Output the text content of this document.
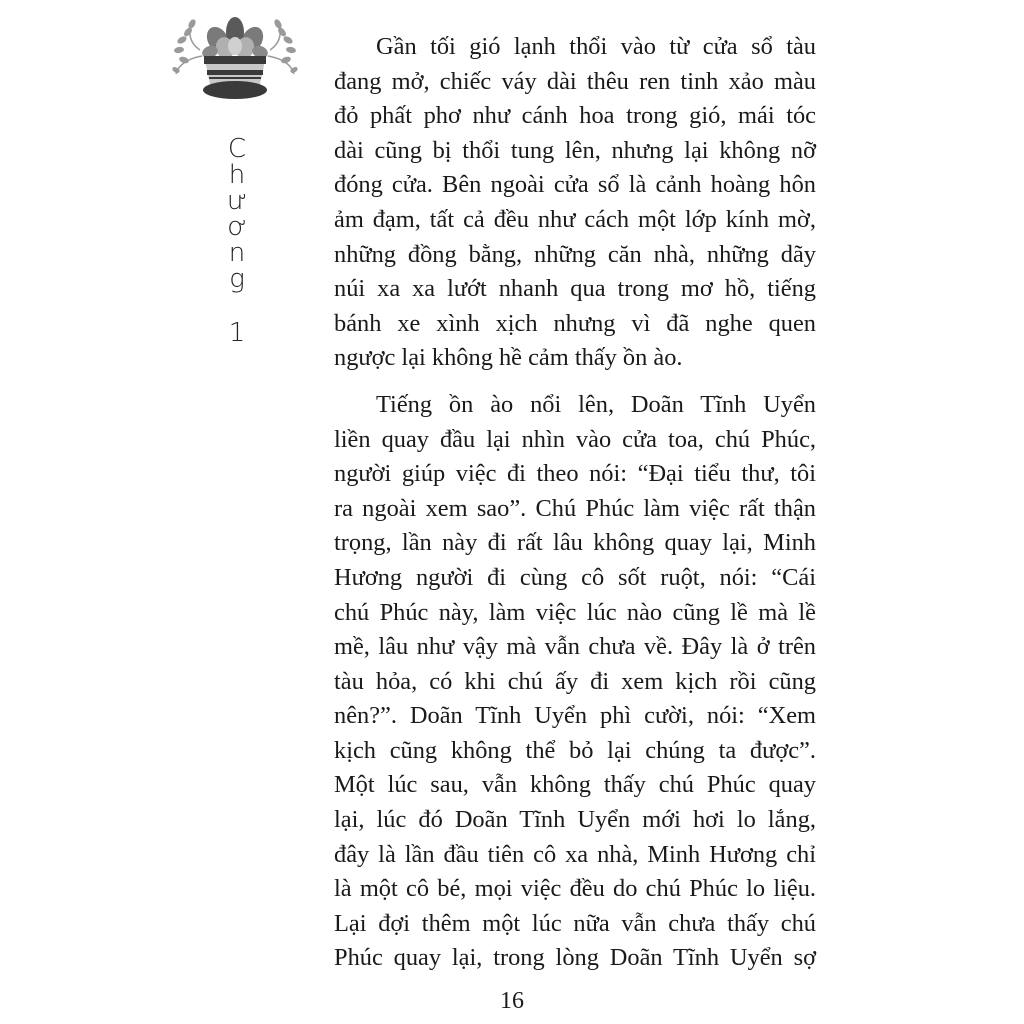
C
h
ư
ơ
n
g
1

Gần tối gió lạnh thổi vào từ cửa sổ tàu
đang mở, chiếc váy dài thêu ren tinh xảo màu
đỏ phất phơ như cánh hoa trong gió, mái tóc
dài cũng bị thổi tung lên, nhưng lại không nỡ
đóng cửa. Bên ngoài cửa sổ là cảnh hoàng hôn
ảm đạm, tất cả đều như cách một lớp kính mờ,
những đồng bằng, những căn nhà, những dãy
núi xa xa lướt nhanh qua trong mơ hồ, tiếng
bánh xe xình xịch nhưng vì đã nghe quen
ngược lại không hề cảm thấy ồn ào.

Tiếng ồn ào nổi lên, Doãn Tĩnh Uyển
liền quay đầu lại nhìn vào cửa toa, chú Phúc,
người giúp việc đi theo nói: “Đại tiểu thư, tôi
ra ngoài xem sao”. Chú Phúc làm việc rất thận
trọng, lần này đi rất lâu không quay lại, Minh
Hương người đi cùng cô sốt ruột, nói: “Cái
chú Phúc này, làm việc lúc nào cũng lề mà lề
mề, lâu như vậy mà vẫn chưa về. Đây là ở trên
tàu hỏa, có khi chú ấy đi xem kịch rồi cũng
nên?”. Doãn Tĩnh Uyển phì cười, nói: “Xem
kịch cũng không thể bỏ lại chúng ta được”.
Một lúc sau, vẫn không thấy chú Phúc quay
lại, lúc đó Doãn Tĩnh Uyển mới hơi lo lắng,
đây là lần đầu tiên cô xa nhà, Minh Hương chỉ
là một cô bé, mọi việc đều do chú Phúc lo liệu.
Lại đợi thêm một lúc nữa vẫn chưa thấy chú
Phúc quay lại, trong lòng Doãn Tĩnh Uyển sợ

16
